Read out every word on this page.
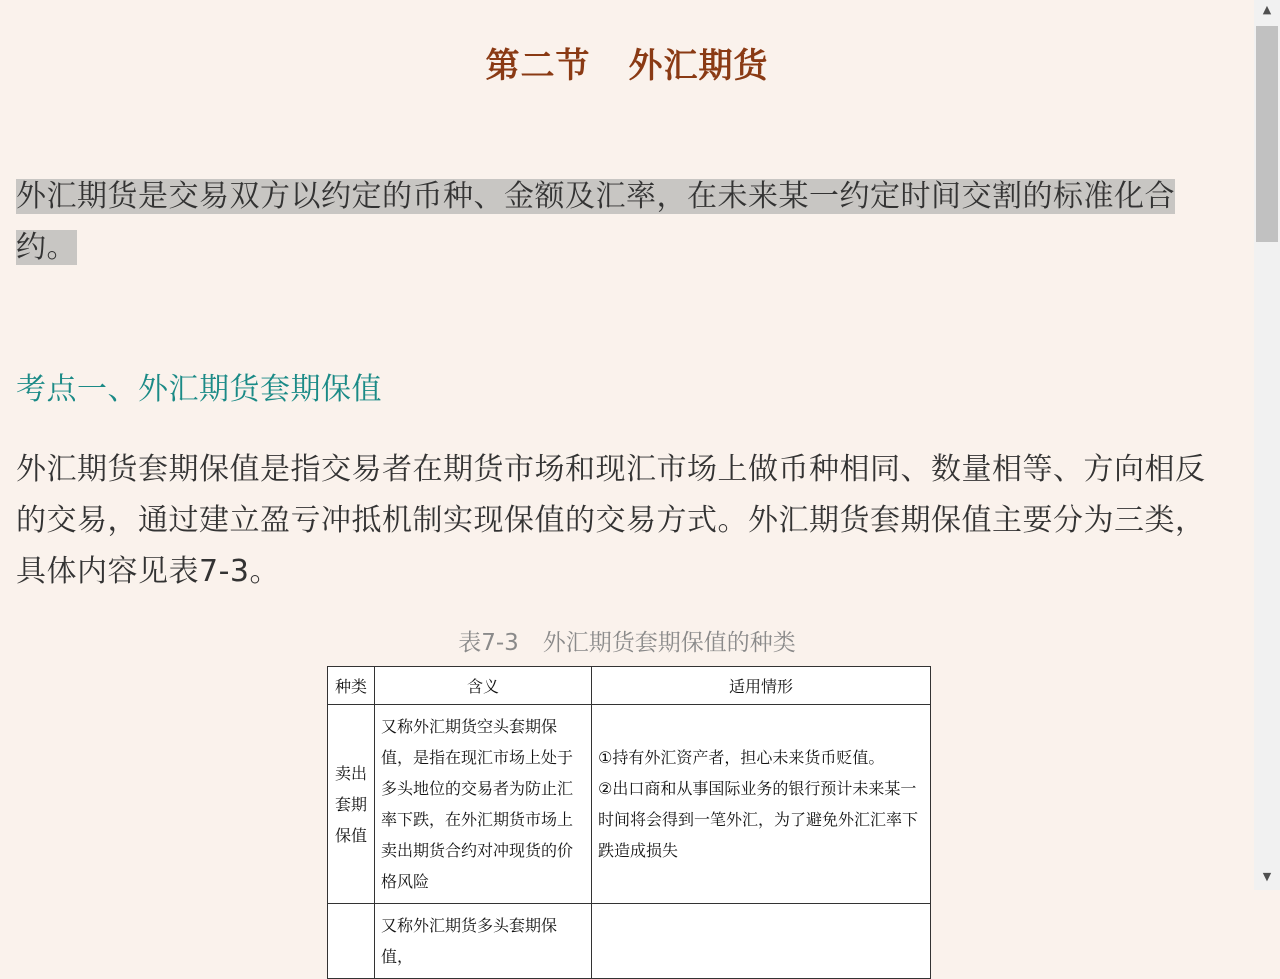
第二节 外汇期货

外汇期货是交易双方以约定的币种、金额及汇率，在未来某一约定时间交割的标准化合约。

考点一、外汇期货套期保值

外汇期货套期保值是指交易者在期货市场和现汇市场上做币种相同、数量相等、方向相反的交易，通过建立盈亏冲抵机制实现保值的交易方式。外汇期货套期保值主要分为三类，具体内容见表7-3。

表7-3 外汇期货套期保值的种类
种类	含义	适用情形

卖出
套期
保值	又称外汇期货空头套期保值，是指在现汇市场上处于多头地位的交易者为防止汇率下跌，在外汇期货市场上卖出期货合约对冲现货的价格风险	①持有外汇资产者，担心未来货币贬值。
②出口商和从事国际业务的银行预计未来某一时间将会得到一笔外汇，为了避免外汇汇率下跌造成损失

	又称外汇期货多头套期保值，	
▲
▼
